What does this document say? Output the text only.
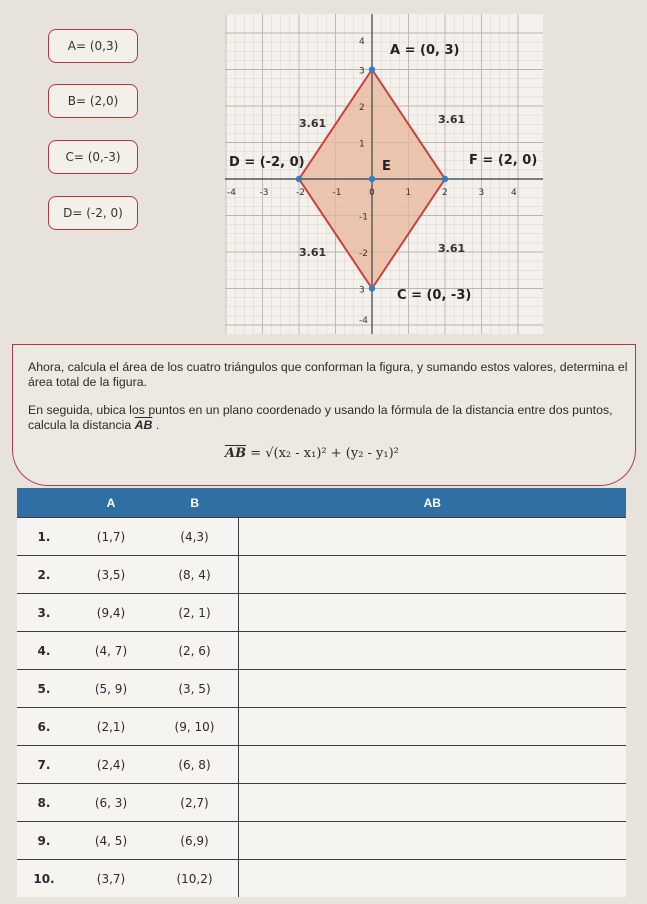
A= (0,3)
B= (2,0)
C= (0,-3)
D= (-2, 0)
-4	-3	-2	-1	0	1	2	3	4
4
3
2
1
-1
-2
3
-4
A = (0, 3)
C = (0, -3)
D = (-2, 0)	F = (2, 0)
E
3.61	3.61
3.61	3.61
Ahora, calcula el área de los cuatro triángulos que conforman la figura, y sumando estos valores, determina el área total de la figura.
En seguida, ubica los puntos en un plano coordenado y usando la fórmula de la distancia entre dos puntos, calcula la distancia $\overline{AB}$ .
$\overline{AB} = √(x_2 - x_1)^2 + (y_2 - y_1)^2$
	A	B	AB
1.	(1,7)	(4,3)	
2.	(3,5)	(8, 4)	
3.	(9,4)	(2, 1)	
4.	(4, 7)	(2, 6)	
5.	(5, 9)	(3, 5)	
6.	(2,1)	(9, 10)	
7.	(2,4)	(6, 8)	
8.	(6, 3)	(2,7)	
9.	(4, 5)	(6,9)	
10.	(3,7)	(10,2)	
